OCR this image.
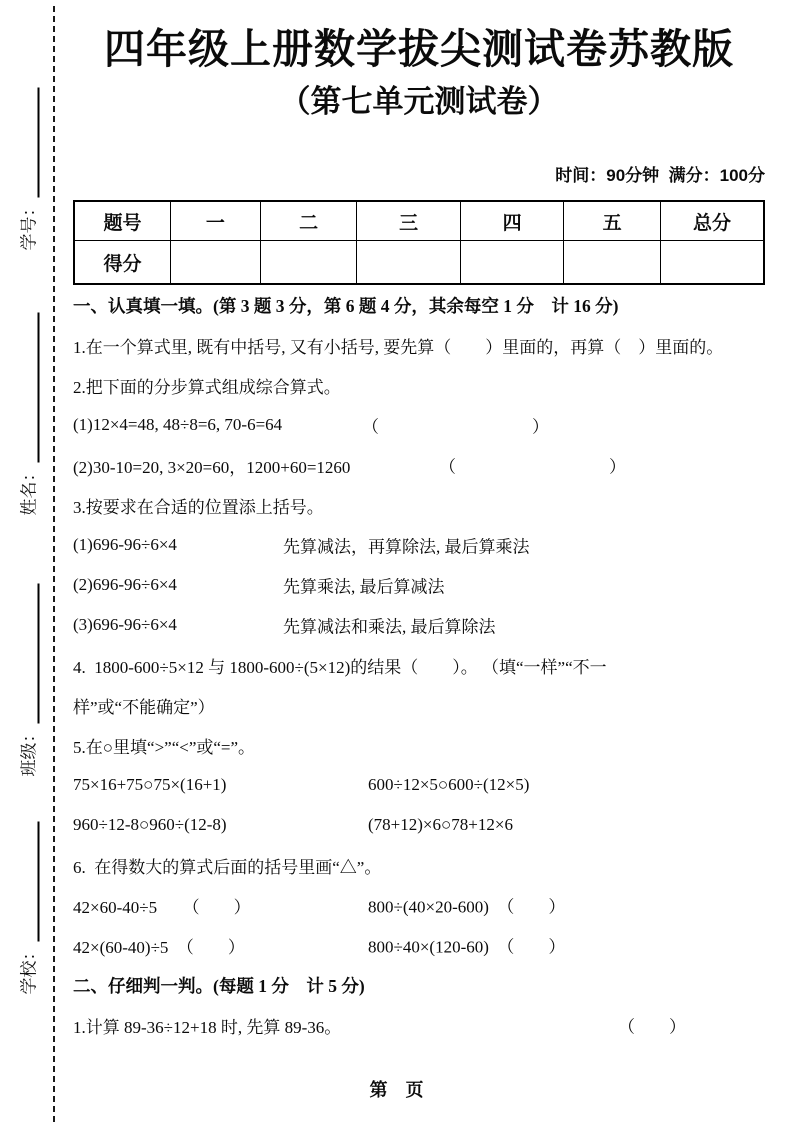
学号：
姓名：
班级：
学校：
四年级上册数学拔尖测试卷苏教版
（第七单元测试卷）
时间：90分钟  满分：100分
题号	一	二	三	四	五	总分
得分						
一、认真填一填。(第 3 题 3 分，第 6 题 4 分，其余每空 1 分　计 16 分)
1.在一个算式里, 既有中括号, 又有小括号, 要先算（　　）里面的，再算（　）里面的。
2.把下面的分步算式组成综合算式。
(1)12×4=48, 48÷8=6, 70-6=64	（　　　　　　　　　）
(2)30-10=20, 3×20=60，1200+60=1260	（　　　　　　　　　）
3.按要求在合适的位置添上括号。
(1)696-96÷6×4	先算减法，再算除法, 最后算乘法
(2)696-96÷6×4	先算乘法, 最后算减法
(3)696-96÷6×4	先算减法和乘法, 最后算除法
4.  1800-600÷5×12 与 1800-600÷(5×12)的结果（　　）。 （填“一样”“不一
样”或“不能确定”）
5.在○里填“>”“<”或“=”。
75×16+75○75×(16+1)	600÷12×5○600÷(12×5)
960÷12-8○960÷(12-8)	(78+12)×6○78+12×6
6.  在得数大的算式后面的括号里画“△”。
42×60-40÷5　　（　　）	800÷(40×20-600)　（　　）
42×(60-40)÷5　（　　）	800÷40×(120-60)　（　　）
二、仔细判一判。(每题 1 分　计 5 分)
1.计算 89-36÷12+18 时, 先算 89-36。	（　　）
第　页
